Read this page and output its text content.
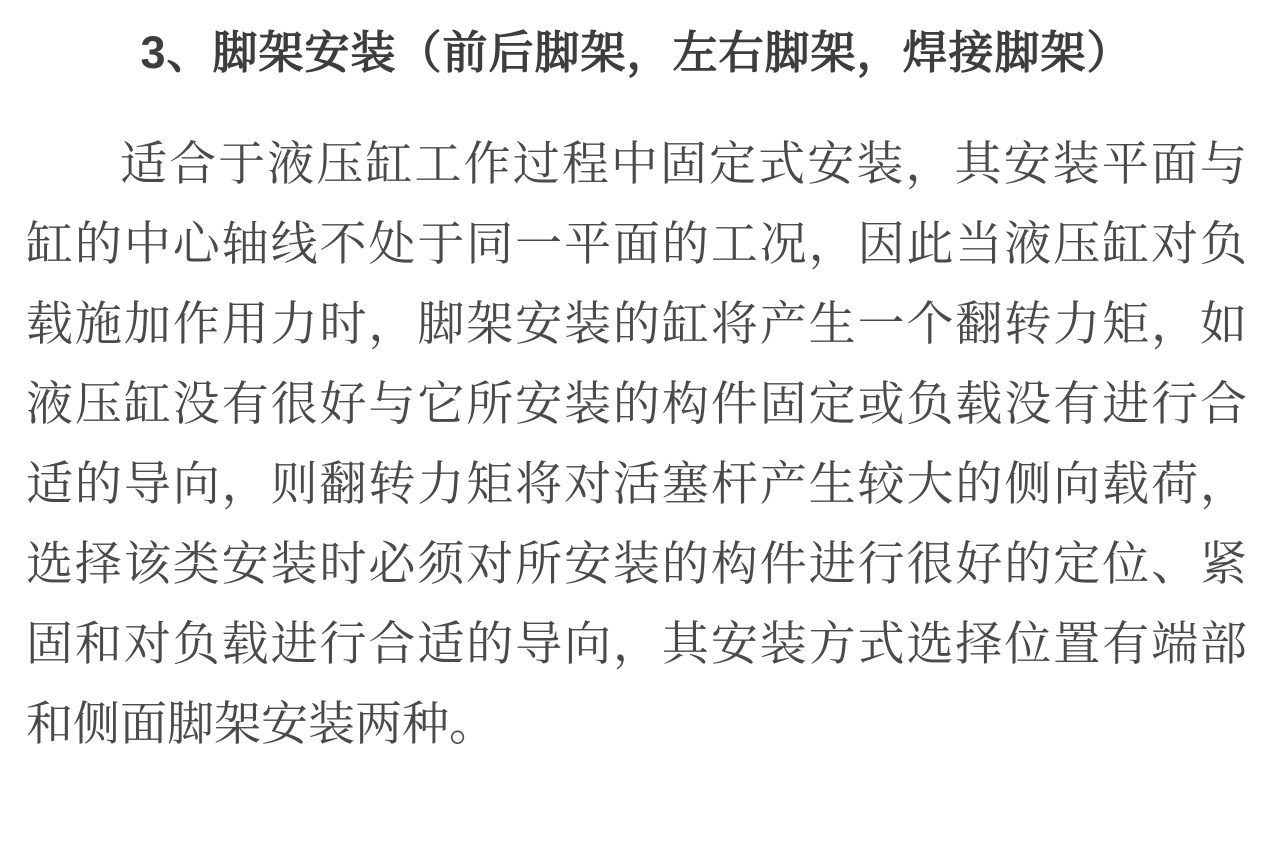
3、脚架安装（前后脚架，左右脚架，焊接脚架）
适合于液压缸工作过程中固定式安装，其安装平面与
缸的中心轴线不处于同一平面的工况，因此当液压缸对负
载施加作用力时，脚架安装的缸将产生一个翻转力矩，如
液压缸没有很好与它所安装的构件固定或负载没有进行合
适的导向，则翻转力矩将对活塞杆产生较大的侧向载荷，
选择该类安装时必须对所安装的构件进行很好的定位、紧
固和对负载进行合适的导向，其安装方式选择位置有端部
和侧面脚架安装两种。
